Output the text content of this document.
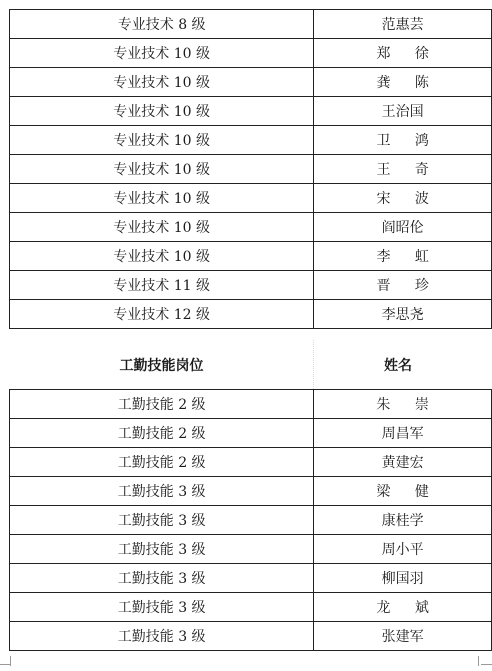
专业技术 8 级	范惠芸
专业技术 10 级	郑 徐
专业技术 10 级	龚 陈
专业技术 10 级	王治国
专业技术 10 级	卫 鸿
专业技术 10 级	王 奇
专业技术 10 级	宋 波
专业技术 10 级	阎昭伦
专业技术 10 级	李 虹
专业技术 11 级	晋 珍
专业技术 12 级	李思尧
工勤技能岗位	姓名
工勤技能 2 级	朱 崇
工勤技能 2 级	周昌军
工勤技能 2 级	黄建宏
工勤技能 3 级	梁 健
工勤技能 3 级	康桂学
工勤技能 3 级	周小平
工勤技能 3 级	柳国羽
工勤技能 3 级	龙 斌
工勤技能 3 级	张建军
